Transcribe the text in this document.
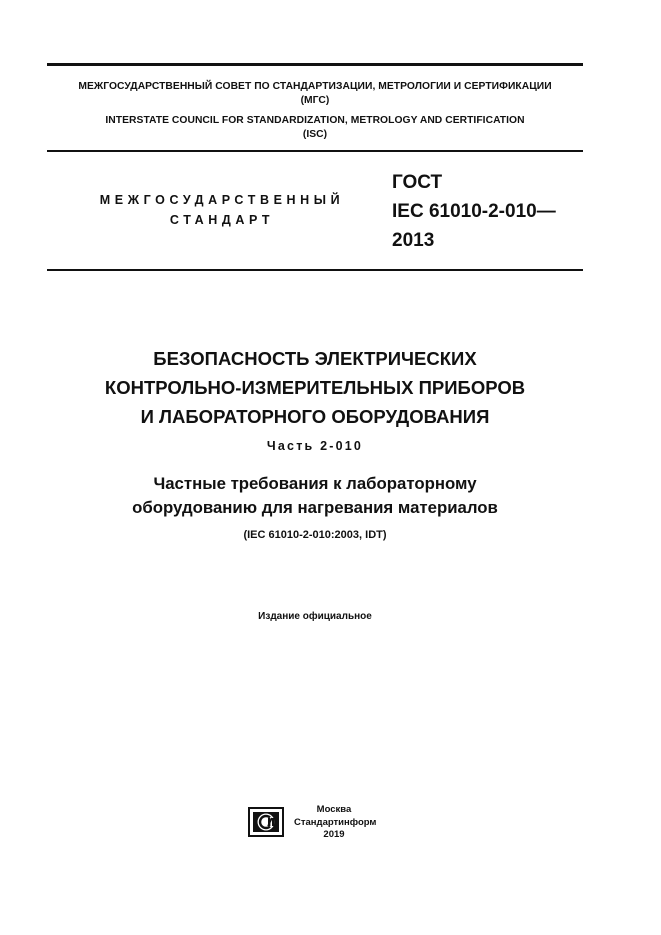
МЕЖГОСУДАРСТВЕННЫЙ СОВЕТ ПО СТАНДАРТИЗАЦИИ, МЕТРОЛОГИИ И СЕРТИФИКАЦИИ
(МГС)
INTERSTATE COUNCIL FOR STANDARDIZATION, METROLOGY AND CERTIFICATION
(ISC)
МЕЖГОСУДАРСТВЕННЫЙ
СТАНДАРТ
ГОСТ
IEC 61010-2-010—
2013
БЕЗОПАСНОСТЬ ЭЛЕКТРИЧЕСКИХ
КОНТРОЛЬНО-ИЗМЕРИТЕЛЬНЫХ ПРИБОРОВ
И ЛАБОРАТОРНОГО ОБОРУДОВАНИЯ
Часть 2-010
Частные требования к лабораторному
оборудованию для нагревания материалов
(IEC 61010-2-010:2003, IDT)
Издание официальное
Москва
Стандартинформ
2019
